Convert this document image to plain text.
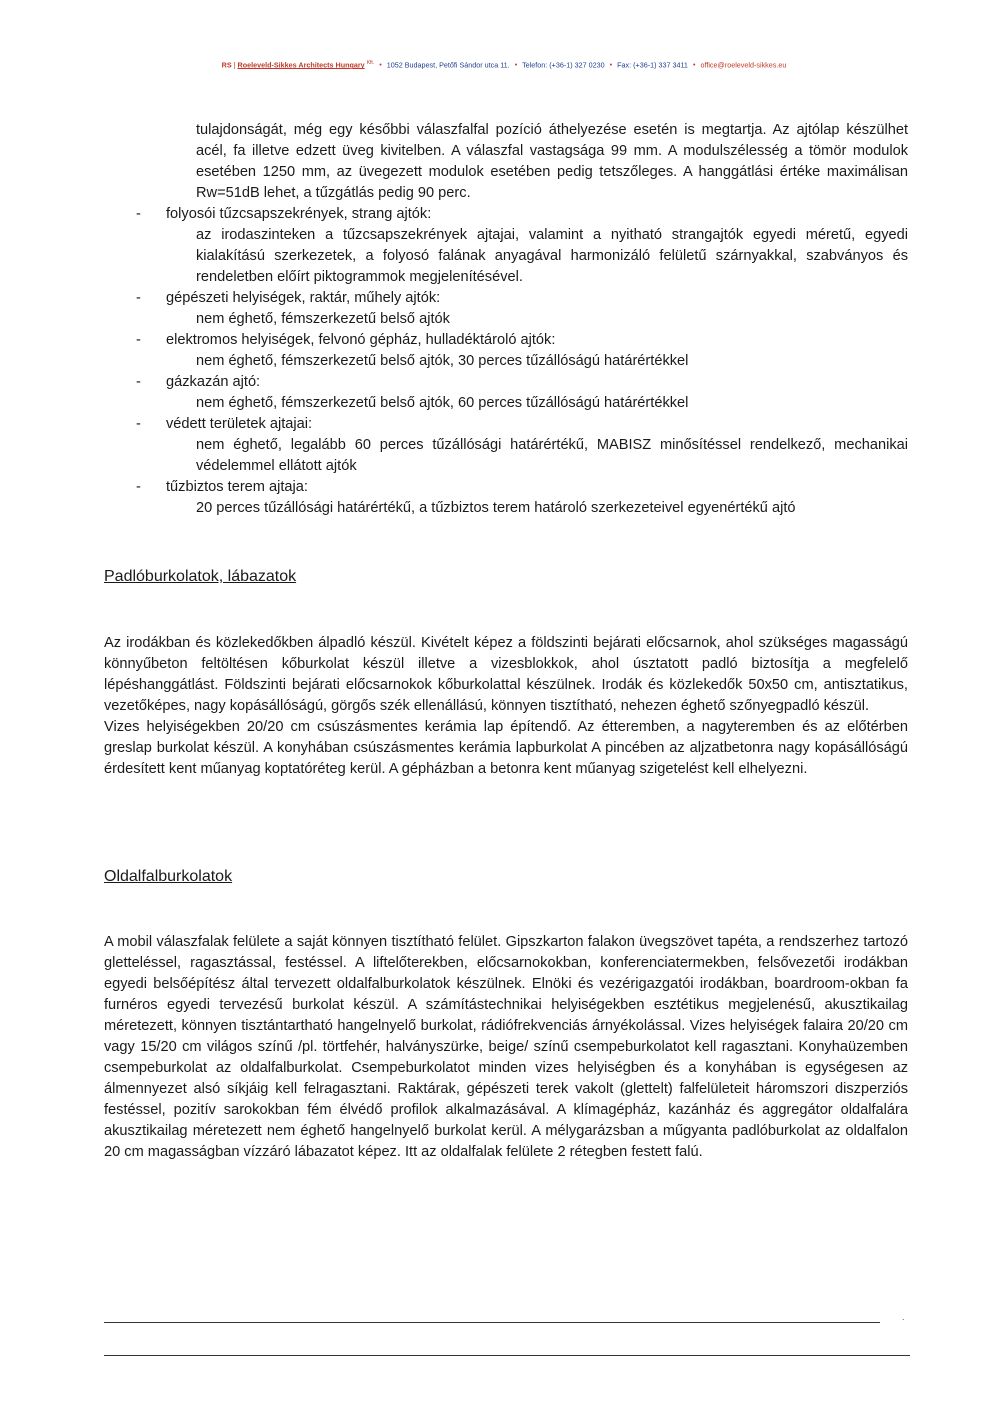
RS | Roeleveld-Sikkes Architects Hungary $^{Kft.}$ • 1052 Budapest, Petőfi Sándor utca 11. • Telefon: (+36-1) 327 0230 • Fax: (+36-1) 337 3411 • office@roeleveld-sikkes.eu
tulajdonságát, még egy későbbi válaszfalfal pozíció áthelyezése esetén is megtartja. Az ajtólap készülhet acél, fa illetve edzett üveg kivitelben. A válaszfal vastagsága 99 mm. A modulszélesség a tömör modulok esetében 1250 mm, az üvegezett modulok esetében pedig tetszőleges. A hanggátlási értéke maximálisan Rw=51dB lehet, a tűzgátlás pedig 90 perc.
- folyosói tűzcsapszekrények, strang ajtók:
az irodaszinteken a tűzcsapszekrények ajtajai, valamint a nyitható strangajtók egyedi méretű, egyedi kialakítású szerkezetek, a folyosó falának anyagával harmonizáló felületű szárnyakkal, szabványos és rendeletben előírt piktogrammok megjelenítésével.
- gépészeti helyiségek, raktár, műhely ajtók:
nem éghető, fémszerkezetű belső ajtók
- elektromos helyiségek, felvonó gépház, hulladéktároló ajtók:
nem éghető, fémszerkezetű belső ajtók, 30 perces tűzállóságú határértékkel
- gázkazán ajtó:
nem éghető, fémszerkezetű belső ajtók, 60 perces tűzállóságú határértékkel
- védett területek ajtajai:
nem éghető, legalább 60 perces tűzállósági határértékű, MABISZ minősítéssel rendelkező, mechanikai védelemmel ellátott ajtók
- tűzbiztos terem ajtaja:
20 perces tűzállósági határértékű, a tűzbiztos terem határoló szerkezeteivel egyenértékű ajtó
Padlóburkolatok, lábazatok

Az irodákban és közlekedőkben álpadló készül. Kivételt képez a földszinti bejárati előcsarnok, ahol szükséges magasságú könnyűbeton feltöltésen kőburkolat készül illetve a vizesblokkok, ahol úsztatott padló biztosítja a megfelelő lépéshanggátlást. Földszinti bejárati előcsarnokok kőburkolattal készülnek. Irodák és közlekedők 50x50 cm, antisztatikus, vezetőképes, nagy kopásállóságú, görgős szék ellenállású, könnyen tisztítható, nehezen éghető szőnyegpadló készül.

Vizes helyiségekben 20/20 cm csúszásmentes kerámia lap építendő. Az étteremben, a nagyteremben és az előtérben greslap burkolat készül. A konyhában csúszásmentes kerámia lapburkolat A pincében az aljzatbetonra nagy kopásállóságú érdesített kent műanyag koptatóréteg kerül. A gépházban a betonra kent műanyag szigetelést kell elhelyezni.

Oldalfalburkolatok

A mobil válaszfalak felülete a saját könnyen tisztítható felület. Gipszkarton falakon üvegszövet tapéta, a rendszerhez tartozó gletteléssel, ragasztással, festéssel. A liftelőterekben, előcsarnokokban, konferenciatermekben, felsővezetői irodákban egyedi belsőépítész által tervezett oldalfalburkolatok készülnek. Elnöki és vezérigazgatói irodákban, boardroom-okban fa furnéros egyedi tervezésű burkolat készül. A számítástechnikai helyiségekben esztétikus megjelenésű, akusztikailag méretezett, könnyen tisztántartható hangelnyelő burkolat, rádiófrekvenciás árnyékolással. Vizes helyiségek falaira 20/20 cm vagy 15/20 cm világos színű /pl. törtfehér, halványszürke, beige/ színű csempeburkolatot kell ragasztani. Konyhaüzemben csempeburkolat az oldalfalburkolat. Csempeburkolatot minden vizes helyiségben és a konyhában is egységesen az álmennyezet alsó síkjáig kell felragasztani. Raktárak, gépészeti terek vakolt (glettelt) falfelületeit háromszori diszperziós festéssel, pozitív sarokokban fém élvédő profilok alkalmazásával. A klímagépház, kazánház és aggregátor oldalfalára akusztikailag méretezett nem éghető hangelnyelő burkolat kerül. A mélygarázsban a műgyanta padlóburkolat az oldalfalon 20 cm magasságban vízzáró lábazatot képez. Itt az oldalfalak felülete 2 rétegben festett falú.

.
